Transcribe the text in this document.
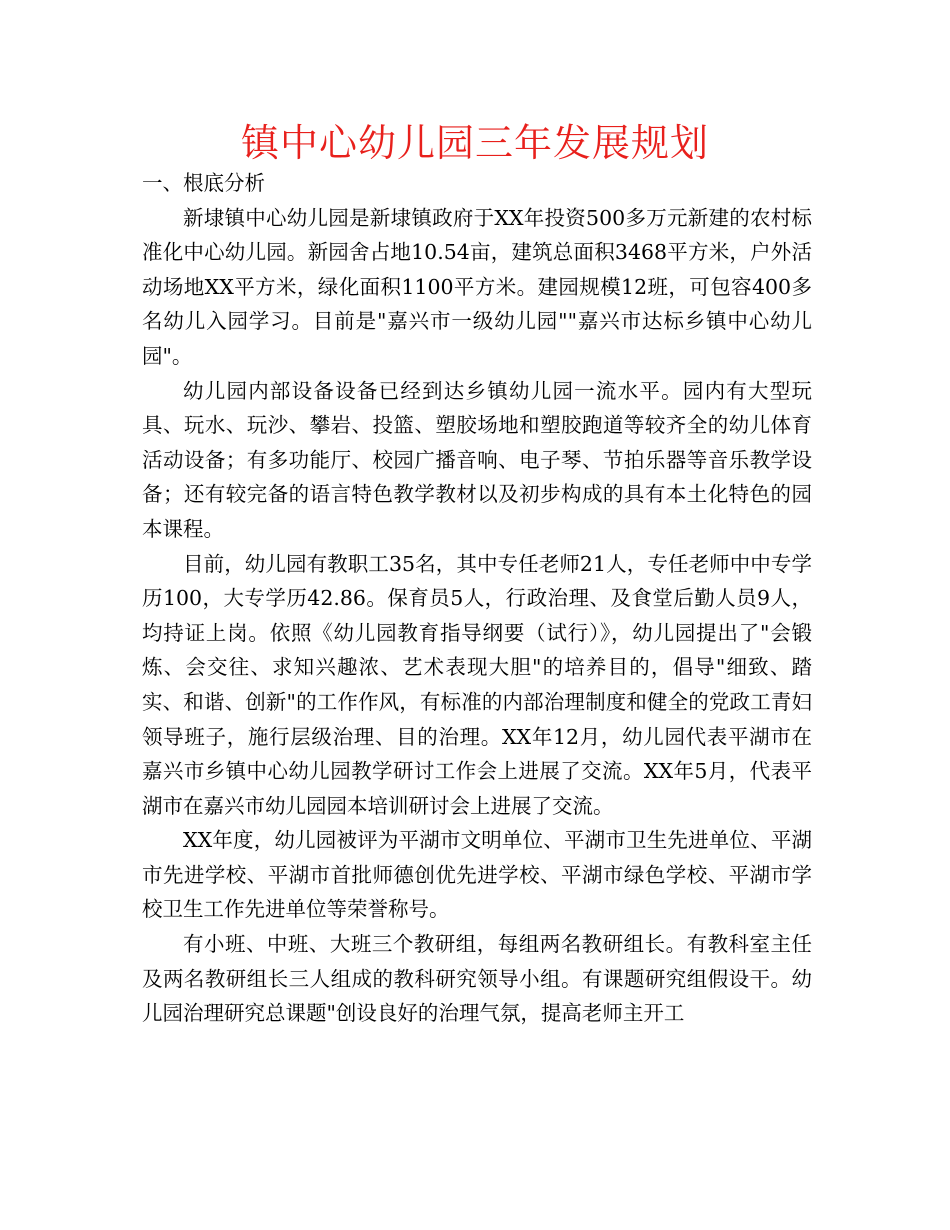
镇中心幼儿园三年发展规划

一、根底分析

新埭镇中心幼儿园是新埭镇政府于XX年投资500多万元新建的农村标准化中心幼儿园。新园舍占地10.54亩，建筑总面积3468平方米，户外活动场地XX平方米，绿化面积1100平方米。建园规模12班，可包容400多名幼儿入园学习。目前是"嘉兴市一级幼儿园""嘉兴市达标乡镇中心幼儿园"。

幼儿园内部设备设备已经到达乡镇幼儿园一流水平。园内有大型玩具、玩水、玩沙、攀岩、投篮、塑胶场地和塑胶跑道等较齐全的幼儿体育活动设备；有多功能厅、校园广播音响、电子琴、节拍乐器等音乐教学设备；还有较完备的语言特色教学教材以及初步构成的具有本土化特色的园本课程。

目前，幼儿园有教职工35名，其中专任老师21人，专任老师中中专学历100，大专学历42.86。保育员5人，行政治理、及食堂后勤人员9人，均持证上岗。依照《幼儿园教育指导纲要（试行）》，幼儿园提出了"会锻炼、会交往、求知兴趣浓、艺术表现大胆"的培养目的，倡导"细致、踏实、和谐、创新"的工作作风，有标准的内部治理制度和健全的党政工青妇领导班子，施行层级治理、目的治理。XX年12月，幼儿园代表平湖市在嘉兴市乡镇中心幼儿园教学研讨工作会上进展了交流。XX年5月，代表平湖市在嘉兴市幼儿园园本培训研讨会上进展了交流。

XX年度，幼儿园被评为平湖市文明单位、平湖市卫生先进单位、平湖市先进学校、平湖市首批师德创优先进学校、平湖市绿色学校、平湖市学校卫生工作先进单位等荣誉称号。

有小班、中班、大班三个教研组，每组两名教研组长。有教科室主任及两名教研组长三人组成的教科研究领导小组。有课题研究组假设干。幼儿园治理研究总课题"创设良好的治理气氛，提高老师主开工
